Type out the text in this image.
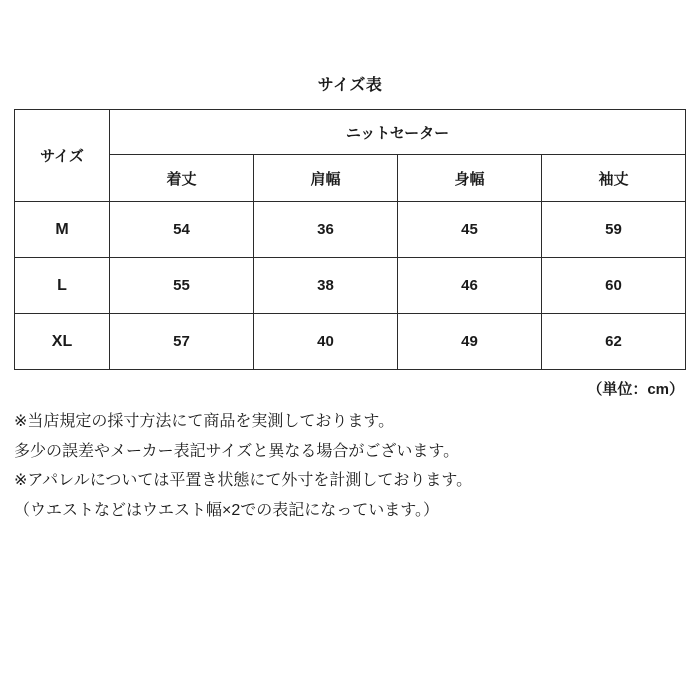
サイズ表
サイズ	ニットセーター			
	着丈	肩幅	身幅	袖丈
M	54	36	45	59
L	55	38	46	60
XL	57	40	49	62
（単位：cm）

※当店規定の採寸方法にて商品を実測しております。

多少の誤差やメーカー表記サイズと異なる場合がございます。

※アパレルについては平置き状態にて外寸を計測しております。

（ウエストなどはウエスト幅×2での表記になっています。）
